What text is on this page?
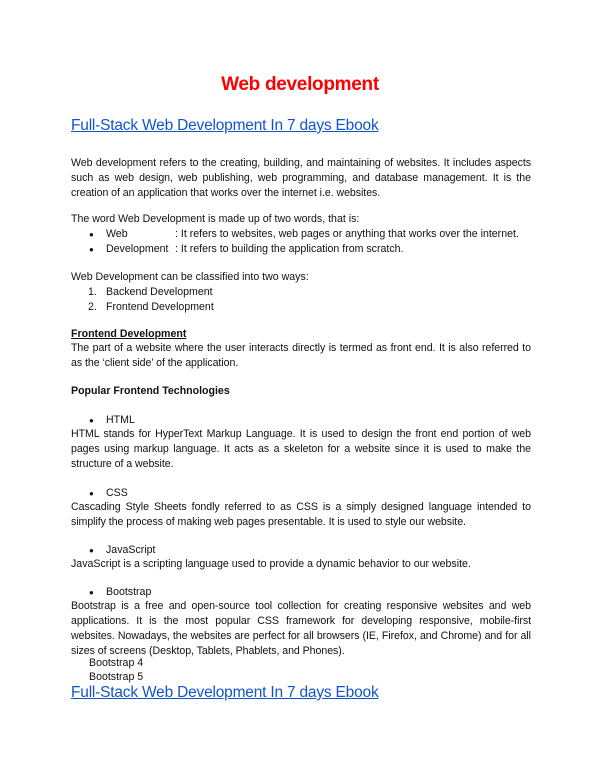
Web development
Full-Stack Web Development In 7 days Ebook
Web development refers to the creating, building, and maintaining of websites. It includes aspects such as web design, web publishing, web programming, and database management. It is the creation of an application that works over the internet i.e. websites.
The word Web Development is made up of two words, that is:
● Web	: It refers to websites, web pages or anything that works over the internet.
● Development : It refers to building the application from scratch.
Web Development can be classified into two ways:
1. Backend Development
2. Frontend Development
Frontend Development
The part of a website where the user interacts directly is termed as front end. It is also referred to as the ‘client side’ of the application.
Popular Frontend Technologies
● HTML
HTML stands for HyperText Markup Language. It is used to design the front end portion of web pages using markup language. It acts as a skeleton for a website since it is used to make the structure of a website.
● CSS
Cascading Style Sheets fondly referred to as CSS is a simply designed language intended to simplify the process of making web pages presentable. It is used to style our website.
● JavaScript
JavaScript is a scripting language used to provide a dynamic behavior to our website.
● Bootstrap
Bootstrap is a free and open-source tool collection for creating responsive websites and web applications. It is the most popular CSS framework for developing responsive, mobile-first websites. Nowadays, the websites are perfect for all browsers (IE, Firefox, and Chrome) and for all sizes of screens (Desktop, Tablets, Phablets, and Phones).
Bootstrap 4
Bootstrap 5
Full-Stack Web Development In 7 days Ebook
